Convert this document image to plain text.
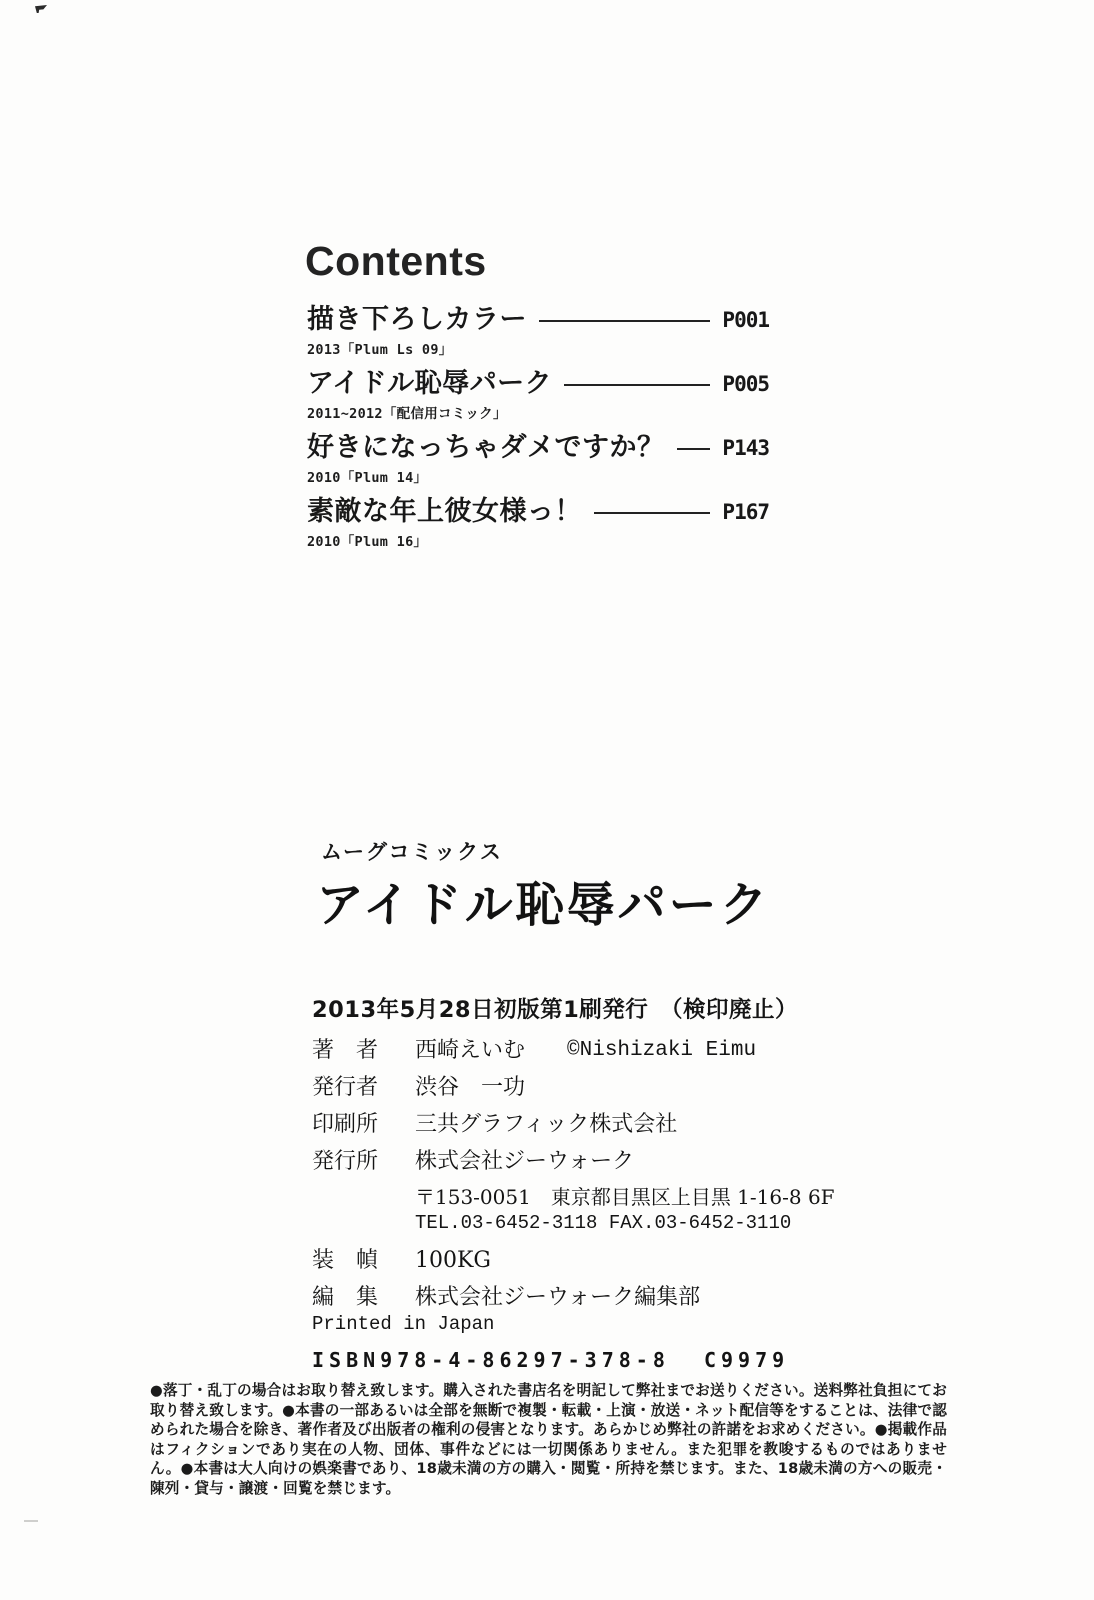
Contents
描き下ろしカラー	P001
2013「Plum Ls 09」
アイドル恥辱パーク	P005
2011~2012「配信用コミック」
好きになっちゃダメですか？	P143
2010「Plum 14」
素敵な年上彼女様っ！	P167
2010「Plum 16」
ムーグコミックス
アイドル恥辱パーク
2013年5月28日初版第1刷発行　（検印廃止）
著　者	西崎えいむ ©Nishizaki Eimu
発行者	渋谷　一功
印刷所	三共グラフィック株式会社
発行所	株式会社ジーウォーク
〒153-0051　東京都目黒区上目黒 1-16-8 6F
TEL.03-6452-3118 FAX.03-6452-3110
装　幀	100KG
編　集	株式会社ジーウォーク編集部
Printed in Japan
ISBN978-4-86297-378-8  C9979
●落丁・乱丁の場合はお取り替え致します。購入された書店名を明記して弊社までお送りください。送料弊社負担にてお取り替え致します。●本書の一部あるいは全部を無断で複製・転載・上演・放送・ネット配信等をすることは、法律で認められた場合を除き、著作者及び出版者の権利の侵害となります。あらかじめ弊社の許諾をお求めください。●掲載作品はフィクションであり実在の人物、団体、事件などには一切関係ありません。また犯罪を教唆するものではありません。●本書は大人向けの娯楽書であり、18歳未満の方の購入・閲覧・所持を禁じます。また、18歳未満の方への販売・陳列・貸与・譲渡・回覧を禁じます。
